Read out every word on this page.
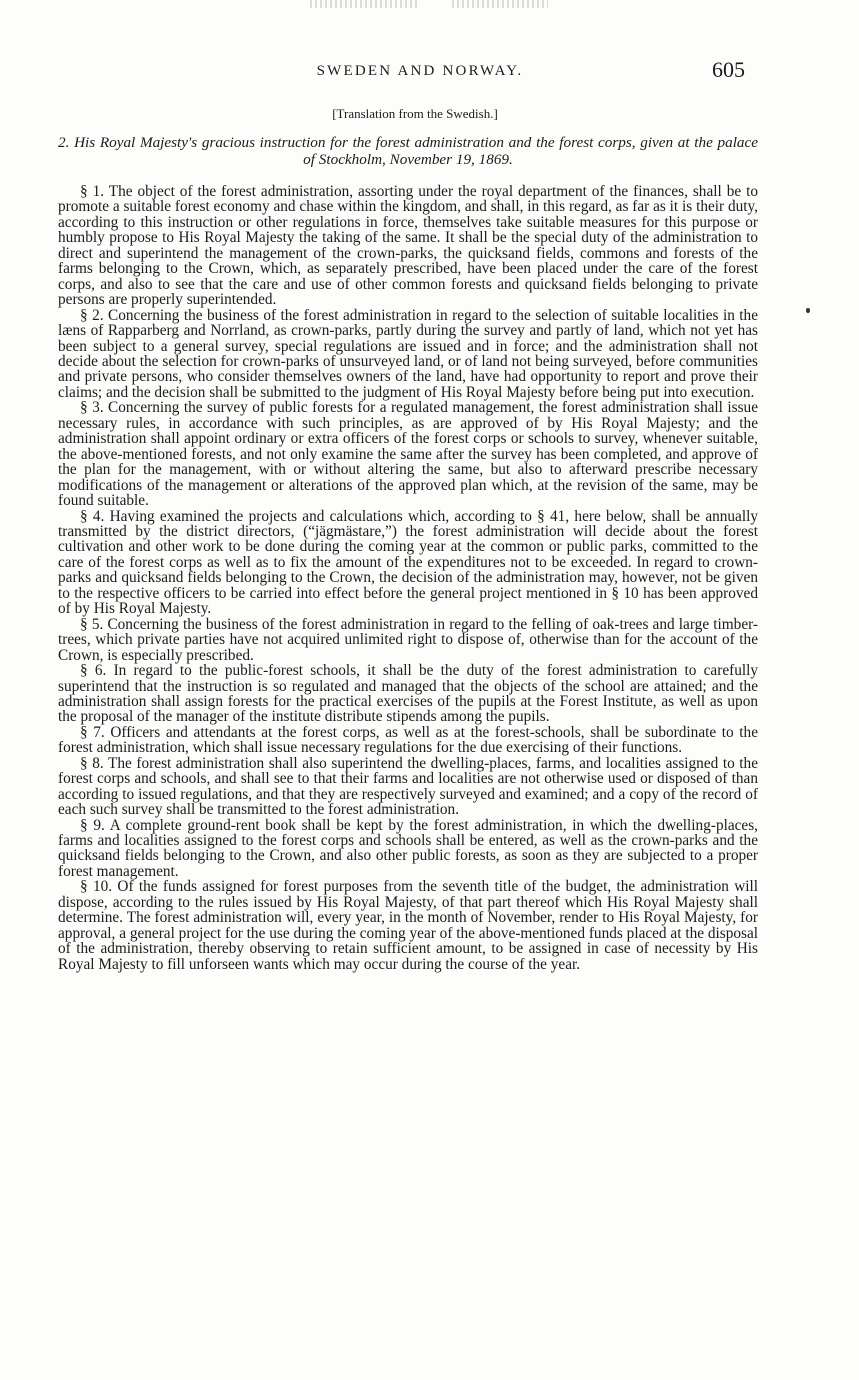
SWEDEN AND NORWAY.	605
[Translation from the Swedish.]
2. His Royal Majesty's gracious instruction for the forest administration and the forest corps, given at the palace of Stockholm, November 19, 1869.

§ 1. The object of the forest administration, assorting under the royal department of the finances, shall be to promote a suitable forest economy and chase within the kingdom, and shall, in this regard, as far as it is their duty, according to this instruction or other regulations in force, themselves take suitable measures for this purpose or humbly propose to His Royal Majesty the taking of the same. It shall be the special duty of the administration to direct and superintend the management of the crown-parks, the quicksand fields, commons and forests of the farms belonging to the Crown, which, as separately prescribed, have been placed under the care of the forest corps, and also to see that the care and use of other common forests and quicksand fields belonging to private persons are properly superintended.

§ 2. Concerning the business of the forest administration in regard to the selection of suitable localities in the læns of Rapparberg and Norrland, as crown-parks, partly during the survey and partly of land, which not yet has been subject to a general survey, special regulations are issued and in force; and the administration shall not decide about the selection for crown-parks of unsurveyed land, or of land not being surveyed, before communities and private persons, who consider themselves owners of the land, have had opportunity to report and prove their claims; and the decision shall be submitted to the judgment of His Royal Majesty before being put into execution.

§ 3. Concerning the survey of public forests for a regulated management, the forest administration shall issue necessary rules, in accordance with such principles, as are approved of by His Royal Majesty; and the administration shall appoint ordinary or extra officers of the forest corps or schools to survey, whenever suitable, the above-mentioned forests, and not only examine the same after the survey has been completed, and approve of the plan for the management, with or without altering the same, but also to afterward prescribe necessary modifications of the management or alterations of the approved plan which, at the revision of the same, may be found suitable.

§ 4. Having examined the projects and calculations which, according to § 41, here below, shall be annually transmitted by the district directors, (“jägmästare,”) the forest administration will decide about the forest cultivation and other work to be done during the coming year at the common or public parks, committed to the care of the forest corps as well as to fix the amount of the expenditures not to be exceeded. In regard to crown-parks and quicksand fields belonging to the Crown, the decision of the administration may, however, not be given to the respective officers to be carried into effect before the general project mentioned in § 10 has been approved of by His Royal Majesty.

§ 5. Concerning the business of the forest administration in regard to the felling of oak-trees and large timber-trees, which private parties have not acquired unlimited right to dispose of, otherwise than for the account of the Crown, is especially prescribed.

§ 6. In regard to the public-forest schools, it shall be the duty of the forest administration to carefully superintend that the instruction is so regulated and managed that the objects of the school are attained; and the administration shall assign forests for the practical exercises of the pupils at the Forest Institute, as well as upon the proposal of the manager of the institute distribute stipends among the pupils.

§ 7. Officers and attendants at the forest corps, as well as at the forest-schools, shall be subordinate to the forest administration, which shall issue necessary regulations for the due exercising of their functions.

§ 8. The forest administration shall also superintend the dwelling-places, farms, and localities assigned to the forest corps and schools, and shall see to that their farms and localities are not otherwise used or disposed of than according to issued regulations, and that they are respectively surveyed and examined; and a copy of the record of each such survey shall be transmitted to the forest administration.

§ 9. A complete ground-rent book shall be kept by the forest administration, in which the dwelling-places, farms and localities assigned to the forest corps and schools shall be entered, as well as the crown-parks and the quicksand fields belonging to the Crown, and also other public forests, as soon as they are subjected to a proper forest management.

§ 10. Of the funds assigned for forest purposes from the seventh title of the budget, the administration will dispose, according to the rules issued by His Royal Majesty, of that part thereof which His Royal Majesty shall determine. The forest administration will, every year, in the month of November, render to His Royal Majesty, for approval, a general project for the use during the coming year of the above-mentioned funds placed at the disposal of the administration, thereby observing to retain sufficient amount, to be assigned in case of necessity by His Royal Majesty to fill unforseen wants which may occur during the course of the year.
